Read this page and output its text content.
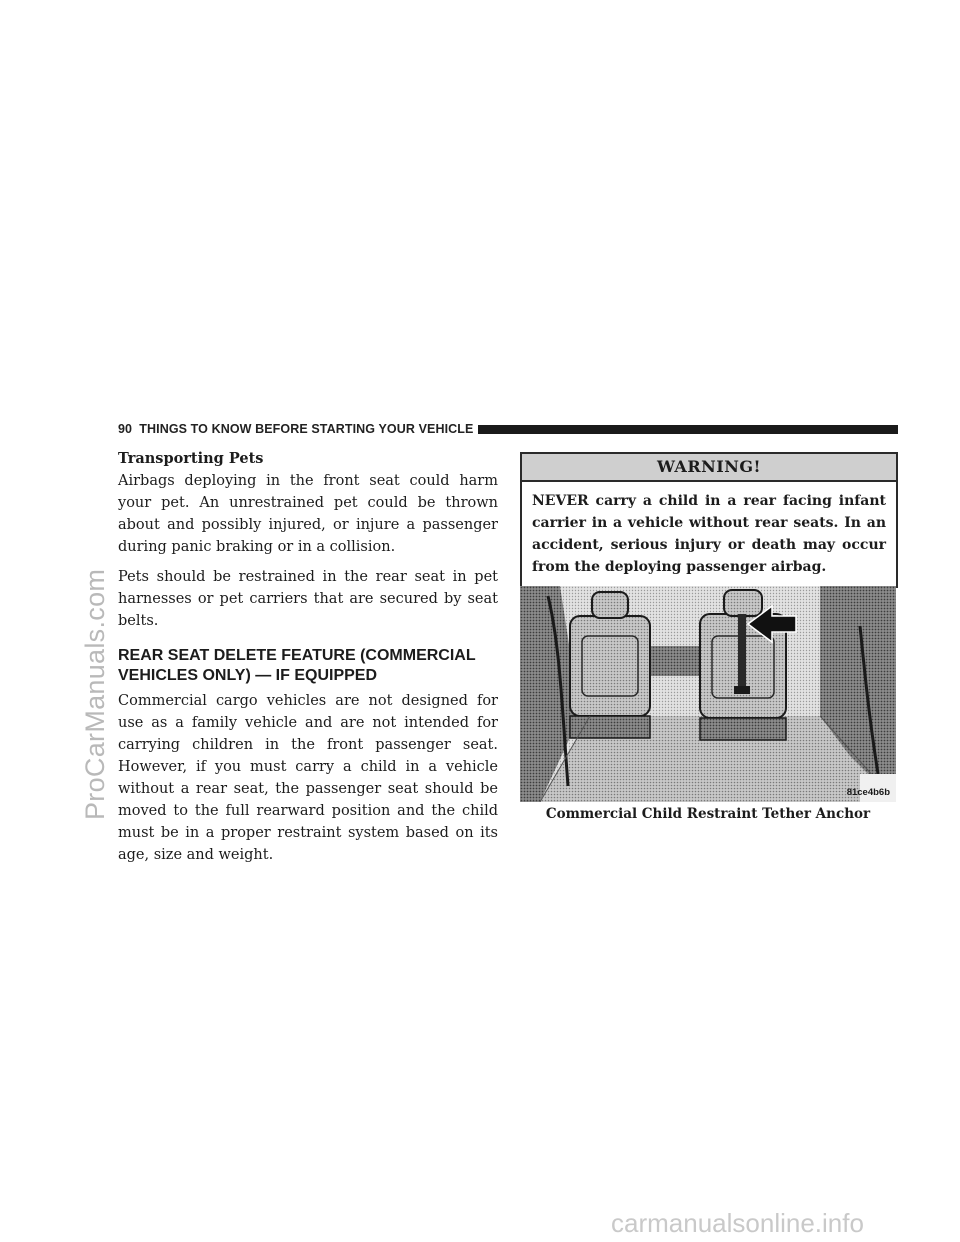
ProCarManuals.com
90 THINGS TO KNOW BEFORE STARTING YOUR VEHICLE

Transporting Pets

Airbags deploying in the front seat could harm your pet. An unrestrained pet could be thrown about and possibly injured, or injure a passenger during panic braking or in a collision.

Pets should be restrained in the rear seat in pet harnesses or pet carriers that are secured by seat belts.

REAR SEAT DELETE FEATURE (COMMERCIAL VEHICLES ONLY) — IF EQUIPPED

Commercial cargo vehicles are not designed for use as a family vehicle and are not intended for carrying children in the front passenger seat. However, if you must carry a child in a vehicle without a rear seat, the passenger seat should be moved to the full rearward position and the child must be in a proper restraint system based on its age, size and weight.

WARNING!
NEVER carry a child in a rear facing infant carrier in a vehicle without rear seats. In an accident, serious injury or death may occur from the deploying passenger airbag.
81ce4b6b
Commercial Child Restraint Tether Anchor
carmanualsonline.info
